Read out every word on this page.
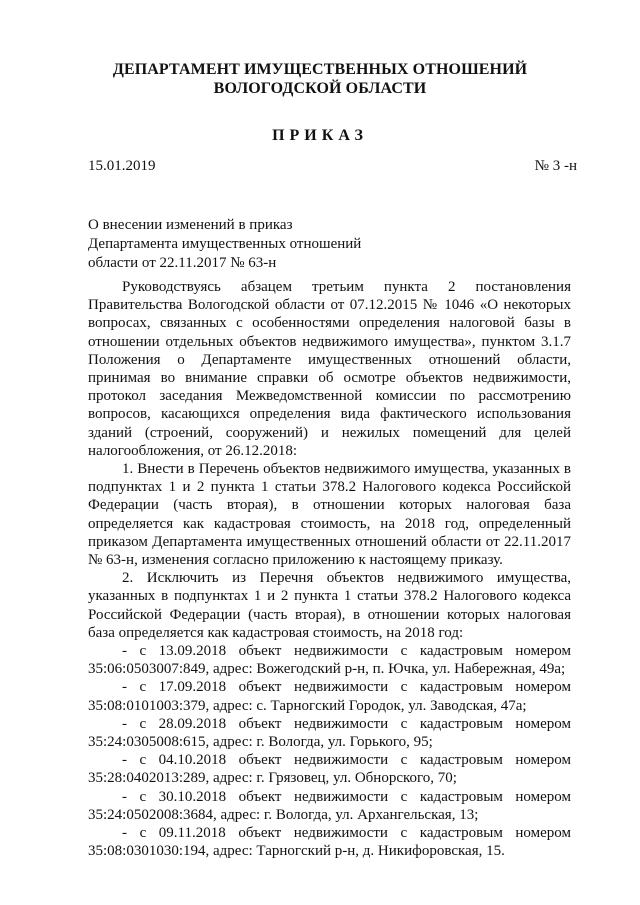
ДЕПАРТАМЕНТ ИМУЩЕСТВЕННЫХ ОТНОШЕНИЙ
ВОЛОГОДСКОЙ ОБЛАСТИ
ПРИКАЗ
15.01.2019	№ 3 -н
О внесении изменений в приказ
Департамента имущественных отношений
области от 22.11.2017 № 63-н

Руководствуясь абзацем третьим пункта 2 постановления Правительства Вологодской области от 07.12.2015 № 1046 «О некоторых вопросах, связанных с особенностями определения налоговой базы в отношении отдельных объектов недвижимого имущества», пунктом 3.1.7 Положения о Департаменте имущественных отношений области, принимая во внимание справки об осмотре объектов недвижимости, протокол заседания Межведомственной комиссии по рассмотрению вопросов, касающихся определения вида фактического использования зданий (строений, сооружений) и нежилых помещений для целей налогообложения, от 26.12.2018:

1. Внести в Перечень объектов недвижимого имущества, указанных в подпунктах 1 и 2 пункта 1 статьи 378.2 Налогового кодекса Российской Федерации (часть вторая), в отношении которых налоговая база определяется как кадастровая стоимость, на 2018 год, определенный приказом Департамента имущественных отношений области от 22.11.2017 № 63-н, изменения согласно приложению к настоящему приказу.

2. Исключить из Перечня объектов недвижимого имущества, указанных в подпунктах 1 и 2 пункта 1 статьи 378.2 Налогового кодекса Российской Федерации (часть вторая), в отношении которых налоговая база определяется как кадастровая стоимость, на 2018 год:

- с 13.09.2018 объект недвижимости с кадастровым номером 35:06:0503007:849, адрес: Вожегодский р-н, п. Ючка, ул. Набережная, 49а;

- с 17.09.2018 объект недвижимости с кадастровым номером 35:08:0101003:379, адрес: с. Тарногский Городок, ул. Заводская, 47а;

- с 28.09.2018 объект недвижимости с кадастровым номером 35:24:0305008:615, адрес: г. Вологда, ул. Горького, 95;

- с 04.10.2018 объект недвижимости с кадастровым номером 35:28:0402013:289, адрес: г. Грязовец, ул. Обнорского, 70;

- с 30.10.2018 объект недвижимости с кадастровым номером 35:24:0502008:3684, адрес: г. Вологда, ул. Архангельская, 13;

- с 09.11.2018 объект недвижимости с кадастровым номером 35:08:0301030:194, адрес: Тарногский р-н, д. Никифоровская, 15.
